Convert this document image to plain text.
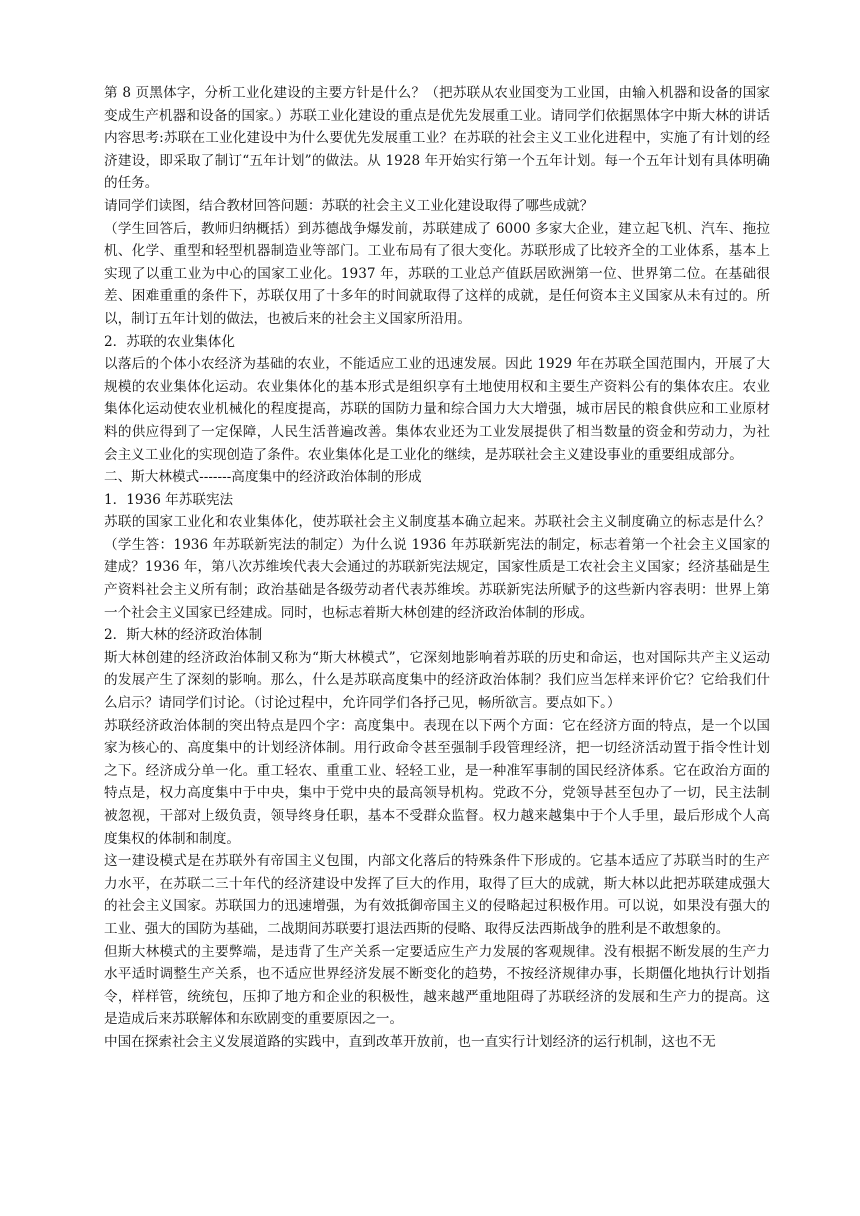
第 8 页黑体字，分析工业化建设的主要方针是什么？（把苏联从农业国变为工业国，由输入机器和设备的国家变成生产机器和设备的国家。）苏联工业化建设的重点是优先发展重工业。请同学们依据黑体字中斯大林的讲话内容思考:苏联在工业化建设中为什么要优先发展重工业？在苏联的社会主义工业化进程中，实施了有计划的经济建设，即采取了制订“五年计划”的做法。从 1928 年开始实行第一个五年计划。每一个五年计划有具体明确的任务。

请同学们读图，结合教材回答问题：苏联的社会主义工业化建设取得了哪些成就？

（学生回答后，教师归纳概括）到苏德战争爆发前，苏联建成了 6000 多家大企业，建立起飞机、汽车、拖拉机、化学、重型和轻型机器制造业等部门。工业布局有了很大变化。苏联形成了比较齐全的工业体系，基本上实现了以重工业为中心的国家工业化。1937 年，苏联的工业总产值跃居欧洲第一位、世界第二位。在基础很差、困难重重的条件下，苏联仅用了十多年的时间就取得了这样的成就，是任何资本主义国家从未有过的。所以，制订五年计划的做法，也被后来的社会主义国家所沿用。

2．苏联的农业集体化

以落后的个体小农经济为基础的农业，不能适应工业的迅速发展。因此 1929 年在苏联全国范围内，开展了大规模的农业集体化运动。农业集体化的基本形式是组织享有土地使用权和主要生产资料公有的集体农庄。农业集体化运动使农业机械化的程度提高，苏联的国防力量和综合国力大大增强，城市居民的粮食供应和工业原材料的供应得到了一定保障，人民生活普遍改善。集体农业还为工业发展提供了相当数量的资金和劳动力，为社会主义工业化的实现创造了条件。农业集体化是工业化的继续，是苏联社会主义建设事业的重要组成部分。

二、斯大林模式-------高度集中的经济政治体制的形成

1．1936 年苏联宪法

苏联的国家工业化和农业集体化，使苏联社会主义制度基本确立起来。苏联社会主义制度确立的标志是什么？（学生答：1936 年苏联新宪法的制定）为什么说 1936 年苏联新宪法的制定，标志着第一个社会主义国家的建成？1936 年，第八次苏维埃代表大会通过的苏联新宪法规定，国家性质是工农社会主义国家；经济基础是生产资料社会主义所有制；政治基础是各级劳动者代表苏维埃。苏联新宪法所赋予的这些新内容表明：世界上第一个社会主义国家已经建成。同时，也标志着斯大林创建的经济政治体制的形成。

2．斯大林的经济政治体制

斯大林创建的经济政治体制又称为“斯大林模式”，它深刻地影响着苏联的历史和命运，也对国际共产主义运动的发展产生了深刻的影响。那么，什么是苏联高度集中的经济政治体制？我们应当怎样来评价它？它给我们什么启示？请同学们讨论。（讨论过程中，允许同学们各抒己见，畅所欲言。要点如下。）

苏联经济政治体制的突出特点是四个字：高度集中。表现在以下两个方面：它在经济方面的特点，是一个以国家为核心的、高度集中的计划经济体制。用行政命令甚至强制手段管理经济，把一切经济活动置于指令性计划之下。经济成分单一化。重工轻农、重重工业、轻轻工业，是一种准军事制的国民经济体系。它在政治方面的特点是，权力高度集中于中央，集中于党中央的最高领导机构。党政不分，党领导甚至包办了一切，民主法制被忽视，干部对上级负责，领导终身任职，基本不受群众监督。权力越来越集中于个人手里，最后形成个人高度集权的体制和制度。

这一建设模式是在苏联外有帝国主义包围，内部文化落后的特殊条件下形成的。它基本适应了苏联当时的生产力水平，在苏联二三十年代的经济建设中发挥了巨大的作用，取得了巨大的成就，斯大林以此把苏联建成强大的社会主义国家。苏联国力的迅速增强，为有效抵御帝国主义的侵略起过积极作用。可以说，如果没有强大的工业、强大的国防为基础，二战期间苏联要打退法西斯的侵略、取得反法西斯战争的胜利是不敢想象的。

但斯大林模式的主要弊端，是违背了生产关系一定要适应生产力发展的客观规律。没有根据不断发展的生产力水平适时调整生产关系，也不适应世界经济发展不断变化的趋势，不按经济规律办事，长期僵化地执行计划指令，样样管，统统包，压抑了地方和企业的积极性，越来越严重地阻碍了苏联经济的发展和生产力的提高。这是造成后来苏联解体和东欧剧变的重要原因之一。

中国在探索社会主义发展道路的实践中，直到改革开放前，也一直实行计划经济的运行机制，这也不无
